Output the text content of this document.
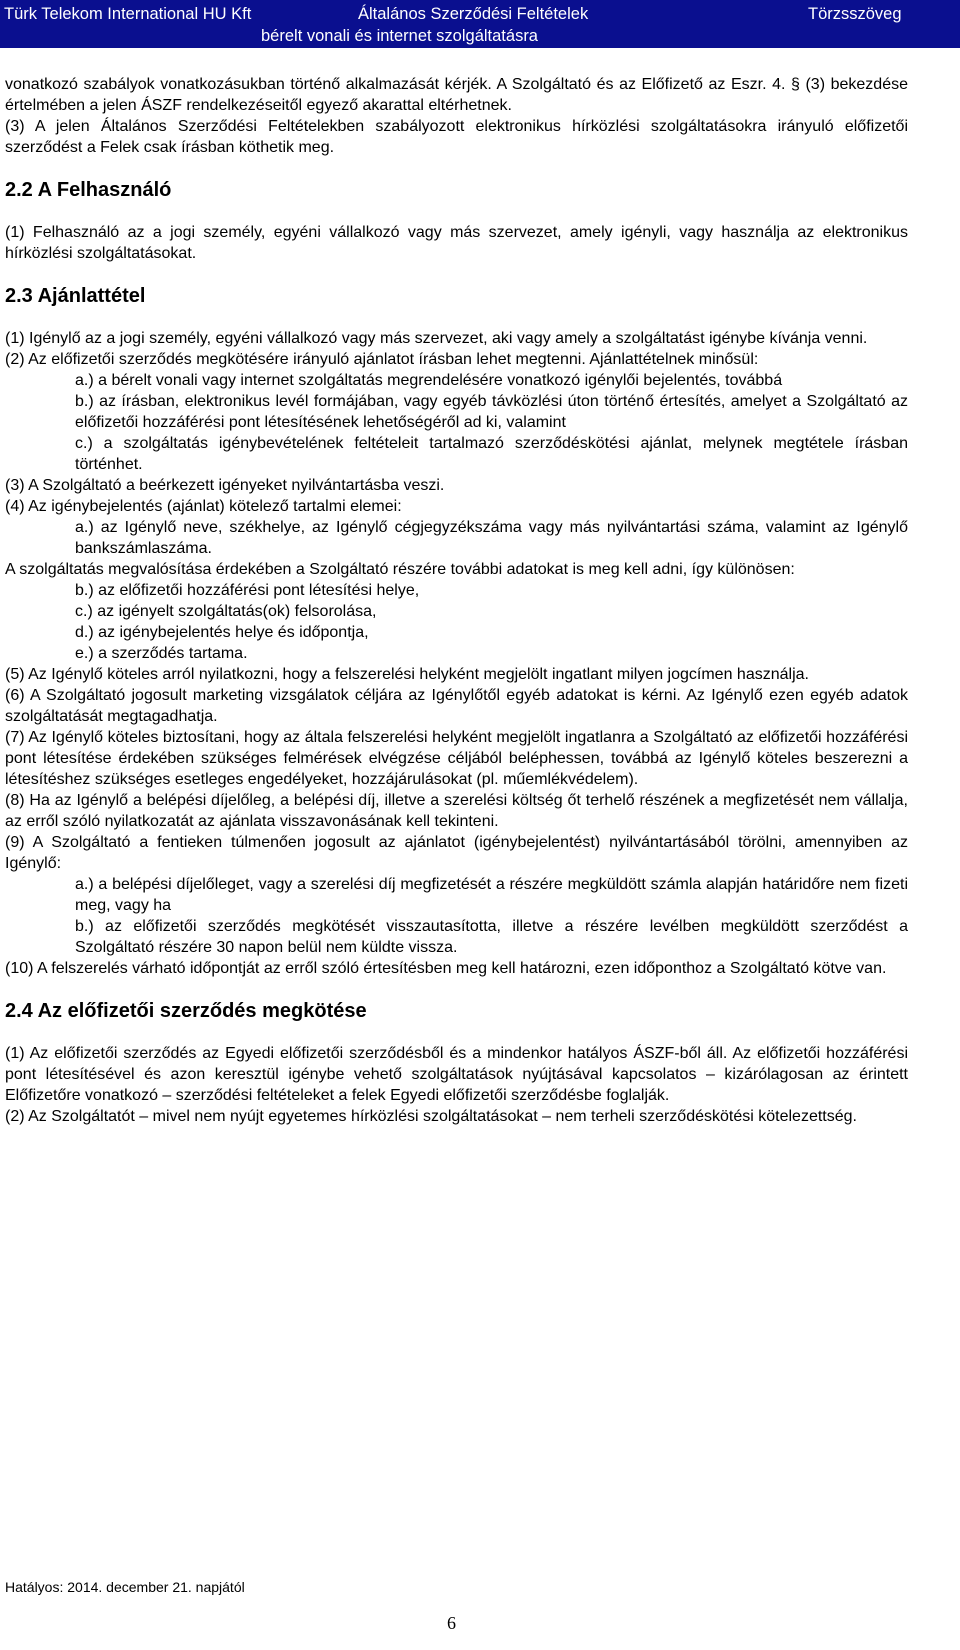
Türk Telekom International HU Kft	Általános Szerződési Feltételek	Törzsszöveg
bérelt vonali és internet szolgáltatásra

vonatkozó szabályok vonatkozásukban történő alkalmazását kérjék. A Szolgáltató és az Előfizető az Eszr. 4. § (3) bekezdése értelmében a jelen ÁSZF rendelkezéseitől egyező akarattal eltérhetnek.

(3) A jelen Általános Szerződési Feltételekben szabályozott elektronikus hírközlési szolgáltatásokra irányuló előfizetői szerződést a Felek csak írásban köthetik meg.

2.2 A Felhasználó

(1) Felhasználó az a jogi személy, egyéni vállalkozó vagy más szervezet, amely igényli, vagy használja az elektronikus hírközlési szolgáltatásokat.

2.3 Ajánlattétel

(1) Igénylő az a jogi személy, egyéni vállalkozó vagy más szervezet, aki vagy amely a szolgáltatást igénybe kívánja venni.

(2) Az előfizetői szerződés megkötésére irányuló ajánlatot írásban lehet megtenni. Ajánlattételnek minősül:

a.) a bérelt vonali vagy internet szolgáltatás megrendelésére vonatkozó igénylői bejelentés, továbbá

b.) az írásban, elektronikus levél formájában, vagy egyéb távközlési úton történő értesítés, amelyet a Szolgáltató az előfizetői hozzáférési pont létesítésének lehetőségéről ad ki, valamint

c.) a szolgáltatás igénybevételének feltételeit tartalmazó szerződéskötési ajánlat, melynek megtétele írásban történhet.

(3) A Szolgáltató a beérkezett igényeket nyilvántartásba veszi.

(4) Az igénybejelentés (ajánlat) kötelező tartalmi elemei:

a.) az Igénylő neve, székhelye, az Igénylő cégjegyzékszáma vagy más nyilvántartási száma, valamint az Igénylő bankszámlaszáma.

A szolgáltatás megvalósítása érdekében a Szolgáltató részére további adatokat is meg kell adni, így különösen:

b.) az előfizetői hozzáférési pont létesítési helye,

c.) az igényelt szolgáltatás(ok) felsorolása,

d.) az igénybejelentés helye és időpontja,

e.) a szerződés tartama.

(5) Az Igénylő köteles arról nyilatkozni, hogy a felszerelési helyként megjelölt ingatlant milyen jogcímen használja.

(6) A Szolgáltató jogosult marketing vizsgálatok céljára az Igénylőtől egyéb adatokat is kérni. Az Igénylő ezen egyéb adatok szolgáltatását megtagadhatja.

(7) Az Igénylő köteles biztosítani, hogy az általa felszerelési helyként megjelölt ingatlanra a Szolgáltató az előfizetői hozzáférési pont létesítése érdekében szükséges felmérések elvégzése céljából beléphessen, továbbá az Igénylő köteles beszerezni a létesítéshez szükséges esetleges engedélyeket, hozzájárulásokat (pl. műemlékvédelem).

(8) Ha az Igénylő a belépési díjelőleg, a belépési díj, illetve a szerelési költség őt terhelő részének a megfizetését nem vállalja, az erről szóló nyilatkozatát az ajánlata visszavonásának kell tekinteni.

(9) A Szolgáltató a fentieken túlmenően jogosult az ajánlatot (igénybejelentést) nyilvántartásából törölni, amennyiben az Igénylő:

a.) a belépési díjelőleget, vagy a szerelési díj megfizetését a részére megküldött számla alapján határidőre nem fizeti meg, vagy ha

b.) az előfizetői szerződés megkötését visszautasította, illetve a részére levélben megküldött szerződést a Szolgáltató részére 30 napon belül nem küldte vissza.

(10) A felszerelés várható időpontját az erről szóló értesítésben meg kell határozni, ezen időponthoz a Szolgáltató kötve van.

2.4 Az előfizetői szerződés megkötése

(1) Az előfizetői szerződés az Egyedi előfizetői szerződésből és a mindenkor hatályos ÁSZF-ből áll. Az előfizetői hozzáférési pont létesítésével és azon keresztül igénybe vehető szolgáltatások nyújtásával kapcsolatos – kizárólagosan az érintett Előfizetőre vonatkozó – szerződési feltételeket a felek Egyedi előfizetői szerződésbe foglalják.

(2) Az Szolgáltatót – mivel nem nyújt egyetemes hírközlési szolgáltatásokat – nem terheli szerződéskötési kötelezettség.

Hatályos: 2014. december 21. napjától
6
